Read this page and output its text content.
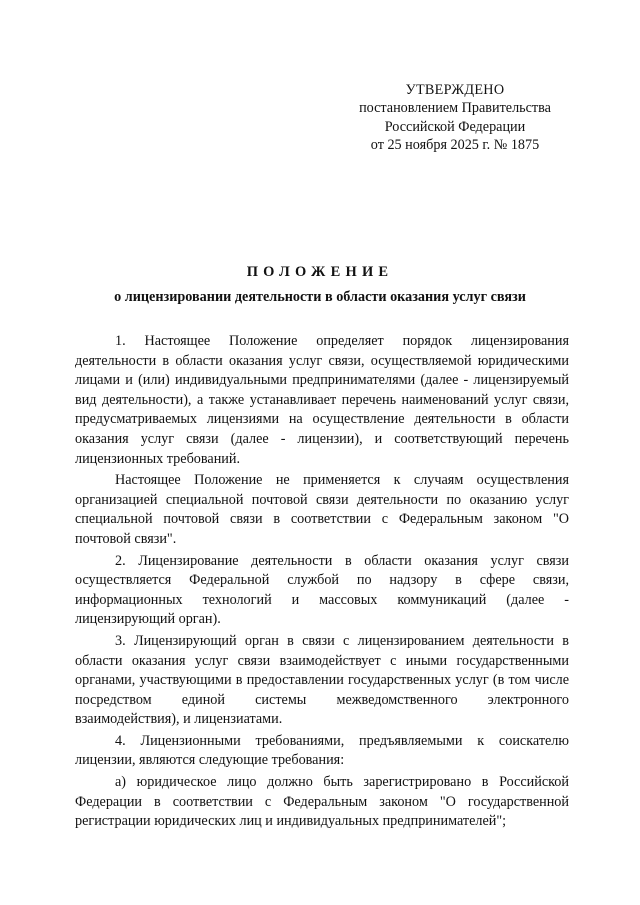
УТВЕРЖДЕНО
постановлением Правительства
Российской Федерации
от 25 ноября 2025 г. № 1875
ПОЛОЖЕНИЕ
о лицензировании деятельности в области оказания услуг связи

1. Настоящее Положение определяет порядок лицензирования деятельности в области оказания услуг связи, осуществляемой юридическими лицами и (или) индивидуальными предпринимателями (далее - лицензируемый вид деятельности), а также устанавливает перечень наименований услуг связи, предусматриваемых лицензиями на осуществление деятельности в области оказания услуг связи (далее - лицензии), и соответствующий перечень лицензионных требований.

Настоящее Положение не применяется к случаям осуществления организацией специальной почтовой связи деятельности по оказанию услуг специальной почтовой связи в соответствии с Федеральным законом "О почтовой связи".

2. Лицензирование деятельности в области оказания услуг связи осуществляется Федеральной службой по надзору в сфере связи, информационных технологий и массовых коммуникаций (далее - лицензирующий орган).

3. Лицензирующий орган в связи с лицензированием деятельности в области оказания услуг связи взаимодействует с иными государственными органами, участвующими в предоставлении государственных услуг (в том числе посредством единой системы межведомственного электронного взаимодействия), и лицензиатами.

4. Лицензионными требованиями, предъявляемыми к соискателю лицензии, являются следующие требования:

а) юридическое лицо должно быть зарегистрировано в Российской Федерации в соответствии с Федеральным законом "О государственной регистрации юридических лиц и индивидуальных предпринимателей";
